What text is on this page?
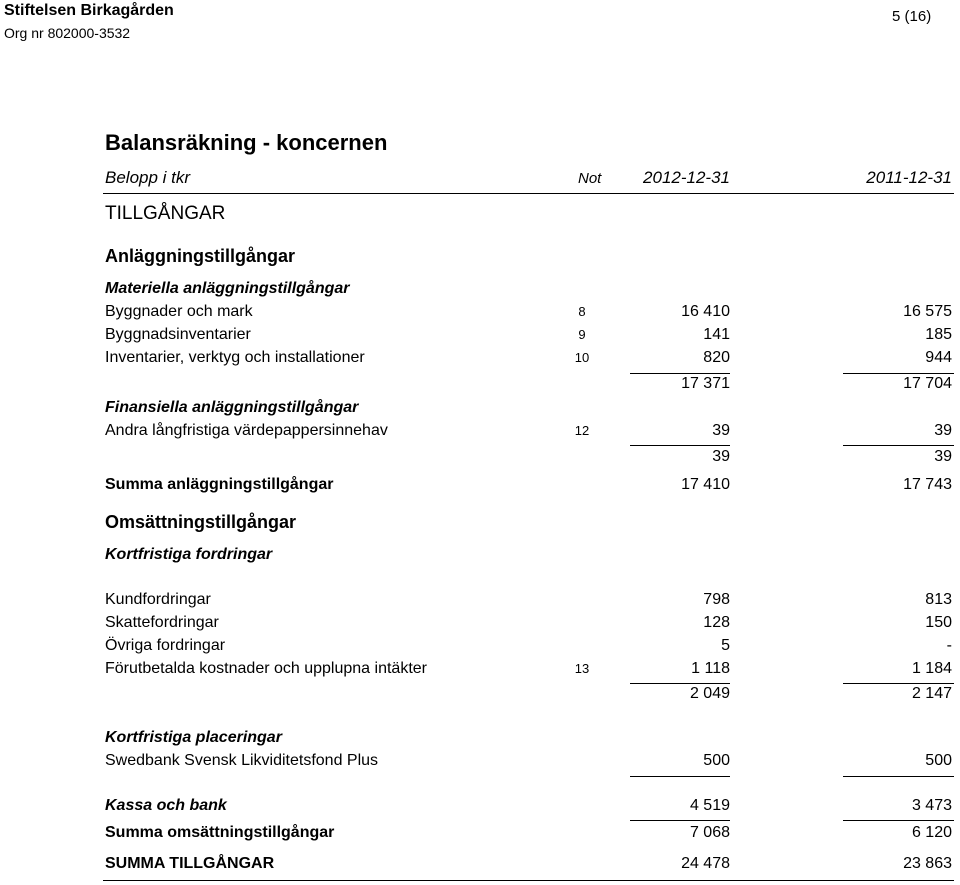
Stiftelsen Birkagården
Org nr 802000-3532
5 (16)
Balansräkning - koncernen
Belopp i tkr	Not 2012-12-31	2011-12-31
TILLGÅNGAR
Anläggningstillgångar
Materiella anläggningstillgångar
Byggnader och mark	8	16 410	16 575
Byggnadsinventarier	9	141	185
Inventarier, verktyg och installationer	10	820	944
17 371	17 704
Finansiella anläggningstillgångar
Andra långfristiga värdepappersinnehav	12	39	39
39	39
Summa anläggningstillgångar	17 410	17 743
Omsättningstillgångar
Kortfristiga fordringar
Kundfordringar	798	813
Skattefordringar	128	150
Övriga fordringar	5	-
Förutbetalda kostnader och upplupna intäkter	13	1 118	1 184
2 049	2 147
Kortfristiga placeringar
Swedbank Svensk Likviditetsfond Plus	500	500
Kassa och bank	4 519	3 473
Summa omsättningstillgångar	7 068	6 120
SUMMA TILLGÅNGAR	24 478	23 863
